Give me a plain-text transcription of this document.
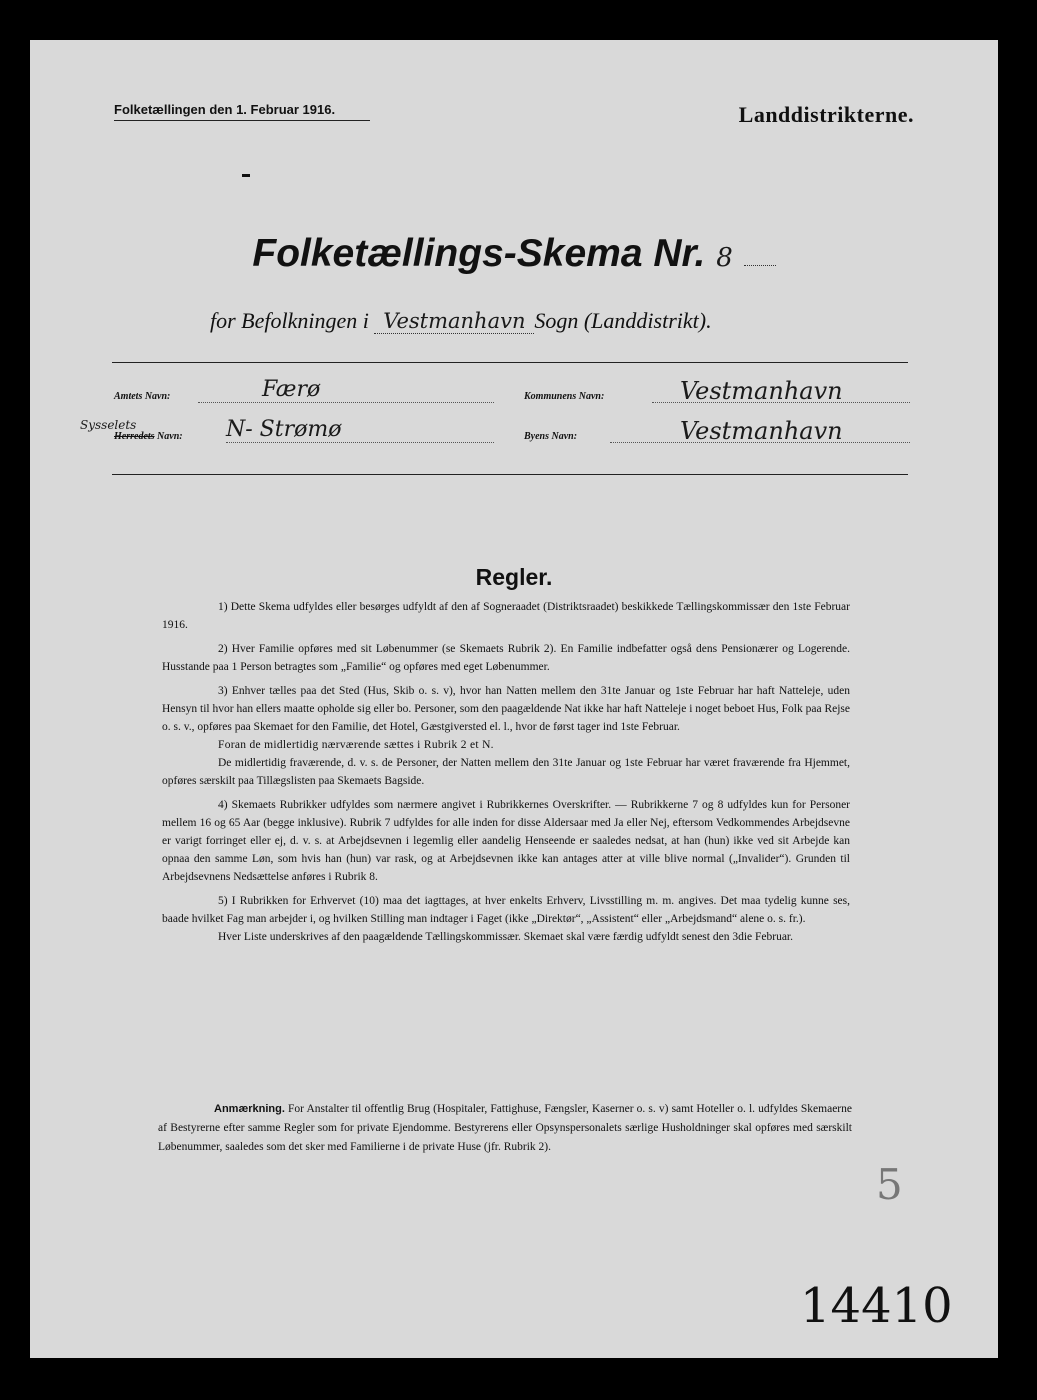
Folketællingen den 1. Februar 1916.	Landdistrikterne.
Folketællings-Skema Nr. 8
for Befolkningen i Vestmanhavn Sogn (Landdistrikt).
Amtets Navn:	Færø	Kommunens Navn:	Vestmanhavn
Sysselets
Herredets Navn: N- Strømø	Byens Navn:	Vestmanhavn
Regler.

1) Dette Skema udfyldes eller besørges udfyldt af den af Sogneraadet (Distriktsraadet) beskikkede Tællingskommissær den 1ste Februar 1916.

2) Hver Familie opføres med sit Løbenummer (se Skemaets Rubrik 2). En Familie indbefatter også dens Pensionærer og Logerende. Husstande paa 1 Person betragtes som „Familie“ og opføres med eget Løbenummer.

3) Enhver tælles paa det Sted (Hus, Skib o. s. v), hvor han Natten mellem den 31te Januar og 1ste Februar har haft Natteleje, uden Hensyn til hvor han ellers maatte opholde sig eller bo. Personer, som den paagældende Nat ikke har haft Natteleje i noget beboet Hus, Folk paa Rejse o. s. v., opføres paa Skemaet for den Familie, det Hotel, Gæstgiversted el. l., hvor de først tager ind 1ste Februar.

Foran de midlertidig nærværende sættes i Rubrik 2 et N.

De midlertidig fraværende, d. v. s. de Personer, der Natten mellem den 31te Januar og 1ste Februar har været fraværende fra Hjemmet, opføres særskilt paa Tillægslisten paa Skemaets Bagside.

4) Skemaets Rubrikker udfyldes som nærmere angivet i Rubrikkernes Overskrifter. — Rubrikkerne 7 og 8 udfyldes kun for Personer mellem 16 og 65 Aar (begge inklusive). Rubrik 7 udfyldes for alle inden for disse Aldersaar med Ja eller Nej, eftersom Vedkommendes Arbejdsevne er varigt forringet eller ej, d. v. s. at Arbejdsevnen i legemlig eller aandelig Henseende er saaledes nedsat, at han (hun) ikke ved sit Arbejde kan opnaa den samme Løn, som hvis han (hun) var rask, og at Arbejdsevnen ikke kan antages atter at ville blive normal („Invalider“). Grunden til Arbejdsevnens Nedsættelse anføres i Rubrik 8.

5) I Rubrikken for Erhvervet (10) maa det iagttages, at hver enkelts Erhverv, Livsstilling m. m. angives. Det maa tydelig kunne ses, baade hvilket Fag man arbejder i, og hvilken Stilling man indtager i Faget (ikke „Direktør“, „Assistent“ eller „Arbejdsmand“ alene o. s. fr.).

Hver Liste underskrives af den paagældende Tællingskommissær. Skemaet skal være færdig udfyldt senest den 3die Februar.

Anmærkning. For Anstalter til offentlig Brug (Hospitaler, Fattighuse, Fængsler, Kaserner o. s. v) samt Hoteller o. l. udfyldes Skemaerne af Bestyrerne efter samme Regler som for private Ejendomme. Bestyrerens eller Opsynspersonalets særlige Husholdninger skal opføres med særskilt Løbenummer, saaledes som det sker med Familierne i de private Huse (jfr. Rubrik 2).
5
14410
